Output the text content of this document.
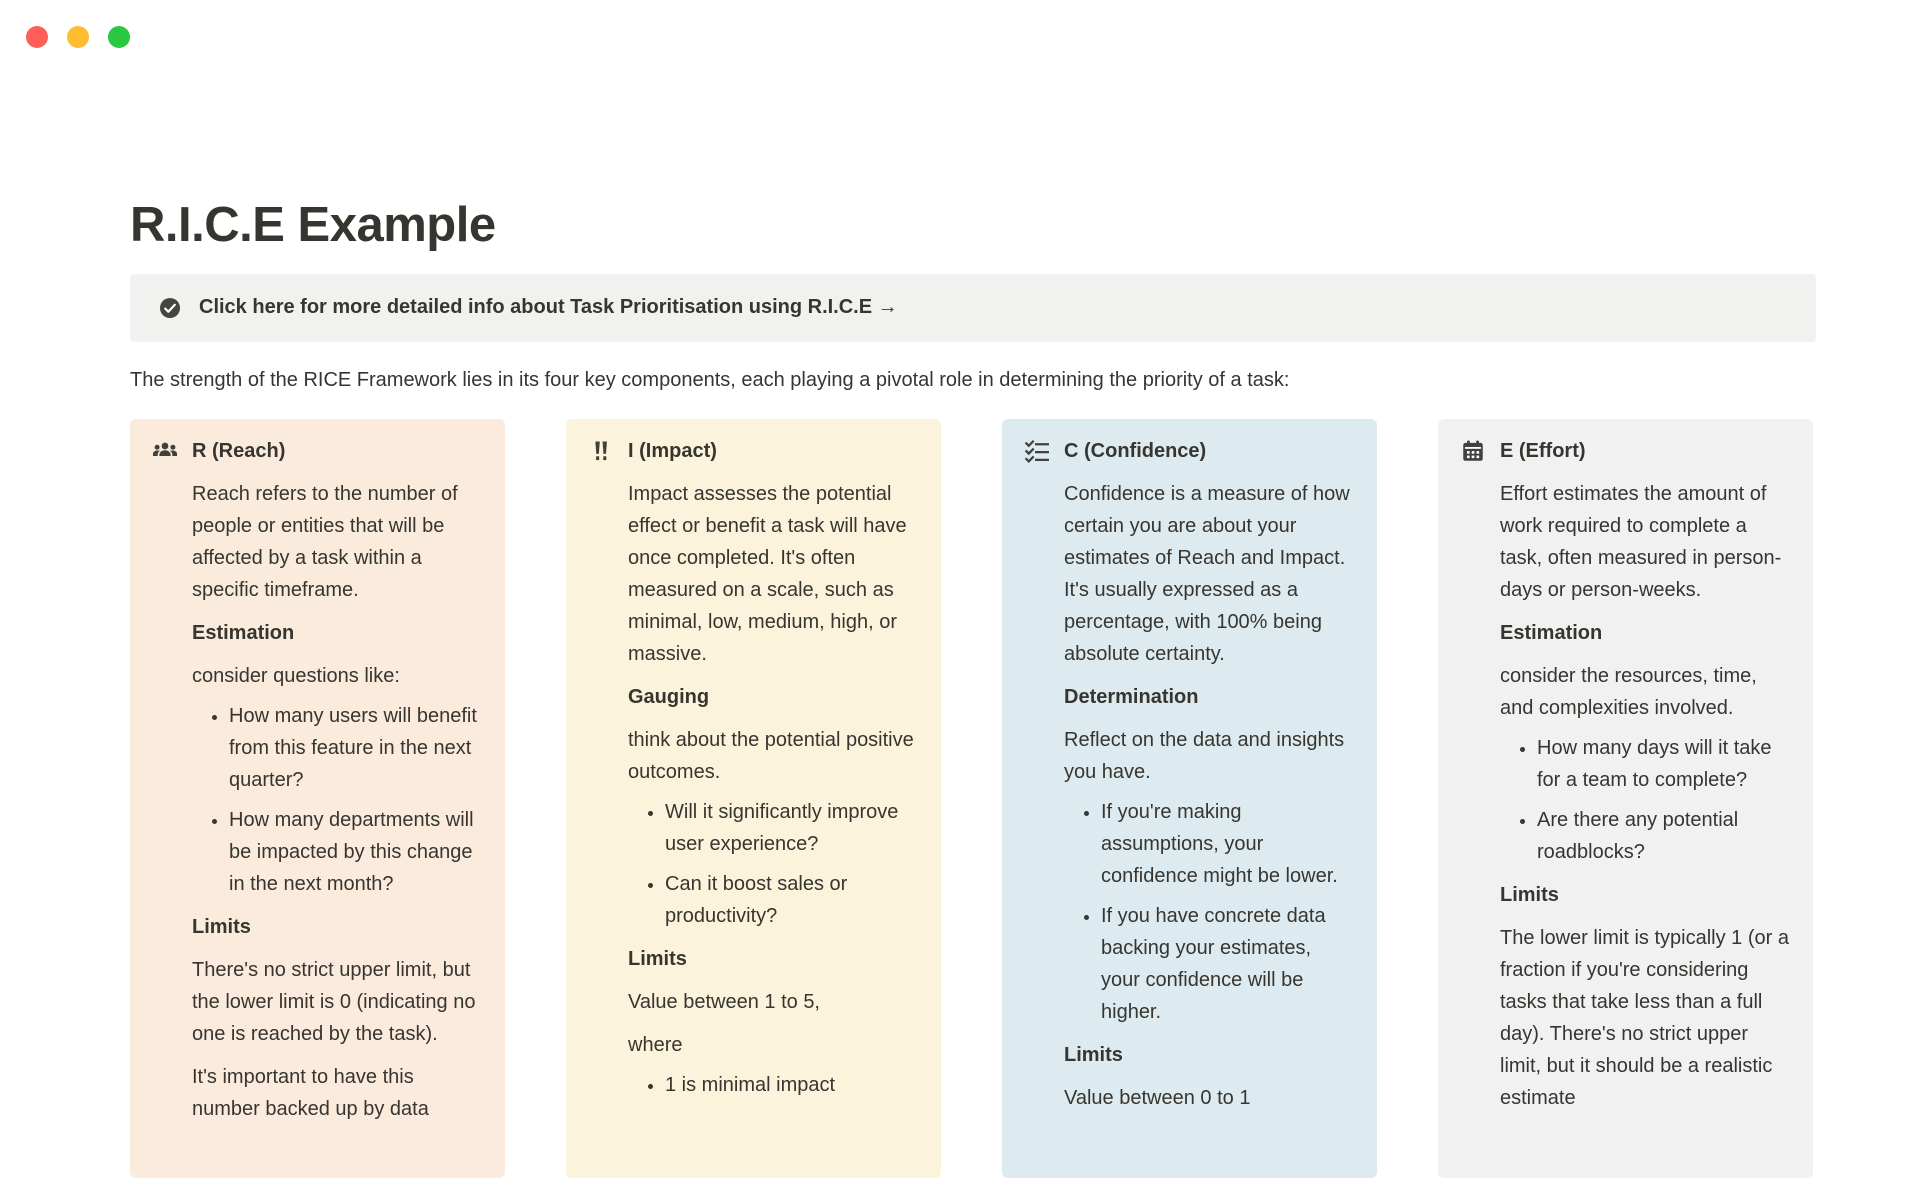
R.I.C.E Example
Click here for more detailed info about Task Prioritisation using R.I.C.E →

The strength of the RICE Framework lies in its four key components, each playing a pivotal role in determining the priority of a task:

R (Reach)

Reach refers to the number of people or entities that will be affected by a task within a specific timeframe.

Estimation

consider questions like:

• How many users will benefit from this feature in the next quarter?
• How many departments will be impacted by this change in the next month?
Limits

There's no strict upper limit, but the lower limit is 0 (indicating no one is reached by the task).

It's important to have this number backed up by data

I (Impact)

Impact assesses the potential effect or benefit a task will have once completed. It's often measured on a scale, such as minimal, low, medium, high, or massive.

Gauging

think about the potential positive outcomes.

• Will it significantly improve user experience?
• Can it boost sales or productivity?
Limits

Value between 1 to 5,

where

• 1 is minimal impact
C (Confidence)

Confidence is a measure of how certain you are about your estimates of Reach and Impact. It's usually expressed as a percentage, with 100% being absolute certainty.

Determination

Reflect on the data and insights you have.

• If you're making assumptions, your confidence might be lower.
• If you have concrete data backing your estimates, your confidence will be higher.
Limits

Value between 0 to 1

E (Effort)

Effort estimates the amount of work required to complete a task, often measured in person-days or person-weeks.

Estimation

consider the resources, time, and complexities involved.

• How many days will it take for a team to complete?
• Are there any potential roadblocks?
Limits

The lower limit is typically 1 (or a fraction if you're considering tasks that take less than a full day). There's no strict upper limit, but it should be a realistic estimate
